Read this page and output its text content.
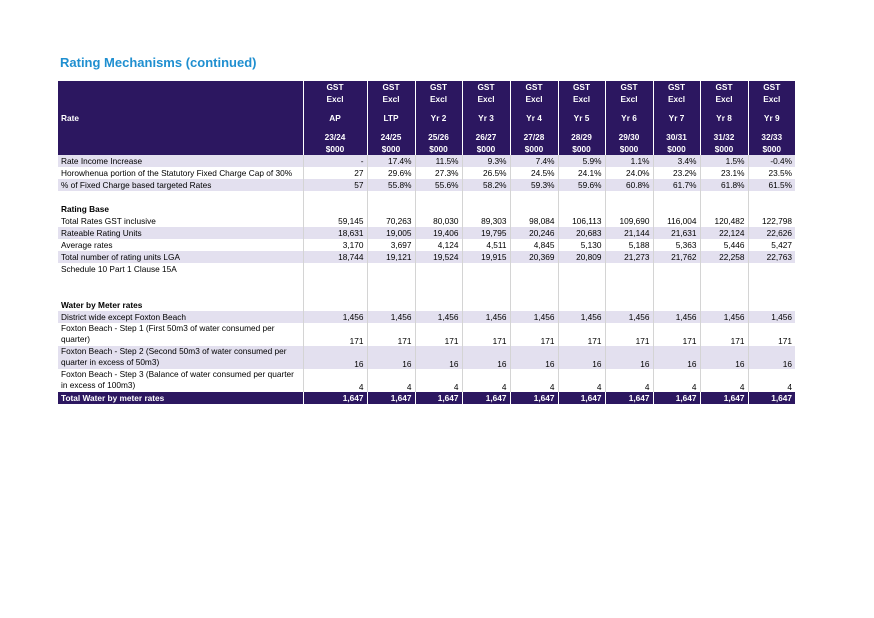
Rating Mechanisms (continued)
	GST	GST	GST	GST	GST	GST	GST	GST	GST	GST
	Excl	Excl	Excl	Excl	Excl	Excl	Excl	Excl	Excl	Excl
Rate	AP	LTP	Yr 2	Yr 3	Yr 4	Yr 5	Yr 6	Yr 7	Yr 8	Yr 9
	23/24	24/25	25/26	26/27	27/28	28/29	29/30	30/31	31/32	32/33
	$000	$000	$000	$000	$000	$000	$000	$000	$000	$000
Rate Income Increase	-	17.4%	11.5%	9.3%	7.4%	5.9%	1.1%	3.4%	1.5%	-0.4%
Horowhenua portion of the Statutory Fixed Charge Cap of 30%	27	29.6%	27.3%	26.5%	24.5%	24.1%	24.0%	23.2%	23.1%	23.5%
% of Fixed Charge based targeted Rates	57	55.8%	55.6%	58.2%	59.3%	59.6%	60.8%	61.7%	61.8%	61.5%

Rating Base										
Total Rates GST inclusive	59,145	70,263	80,030	89,303	98,084	106,113	109,690	116,004	120,482	122,798
Rateable Rating Units	18,631	19,005	19,406	19,795	20,246	20,683	21,144	21,631	22,124	22,626
Average rates	3,170	3,697	4,124	4,511	4,845	5,130	5,188	5,363	5,446	5,427
Total number of rating units LGA	18,744	19,121	19,524	19,915	20,369	20,809	21,273	21,762	22,258	22,763
Schedule 10 Part 1 Clause 15A										

Water by Meter rates										
District wide except Foxton Beach	1,456	1,456	1,456	1,456	1,456	1,456	1,456	1,456	1,456	1,456
Foxton Beach - Step 1 (First 50m3 of water consumed per quarter)	171	171	171	171	171	171	171	171	171	171
Foxton Beach - Step 2 (Second 50m3 of water consumed per quarter in excess of 50m3)	16	16	16	16	16	16	16	16	16	16
Foxton Beach - Step 3 (Balance of water consumed per quarter in excess of 100m3)	4	4	4	4	4	4	4	4	4	4
Total Water by meter rates	1,647	1,647	1,647	1,647	1,647	1,647	1,647	1,647	1,647	1,647
